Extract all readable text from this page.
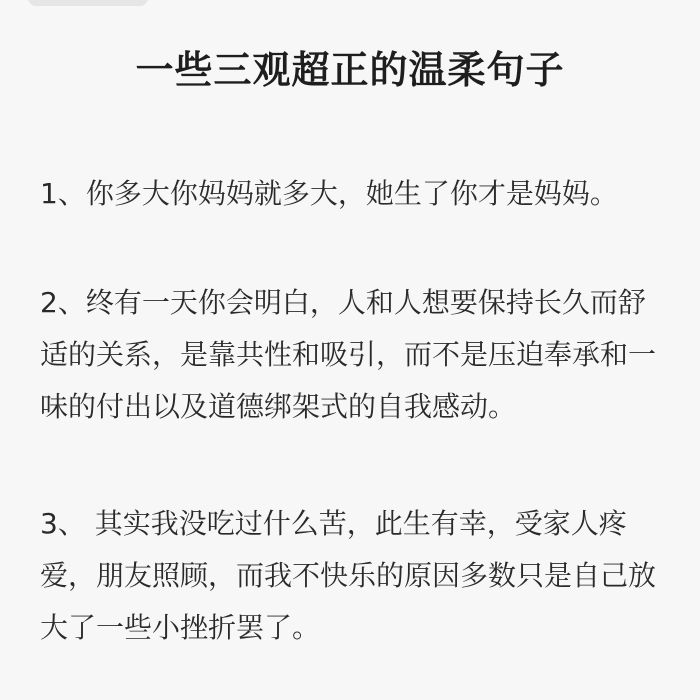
一些三观超正的温柔句子

1、你多大你妈妈就多大，她生了你才是妈妈。

2、终有一天你会明白，人和人想要保持长久而舒适的关系，是靠共性和吸引，而不是压迫奉承和一味的付出以及道德绑架式的自我感动。

3、 其实我没吃过什么苦，此生有幸，受家人疼爱，朋友照顾，而我不快乐的原因多数只是自己放大了一些小挫折罢了。
